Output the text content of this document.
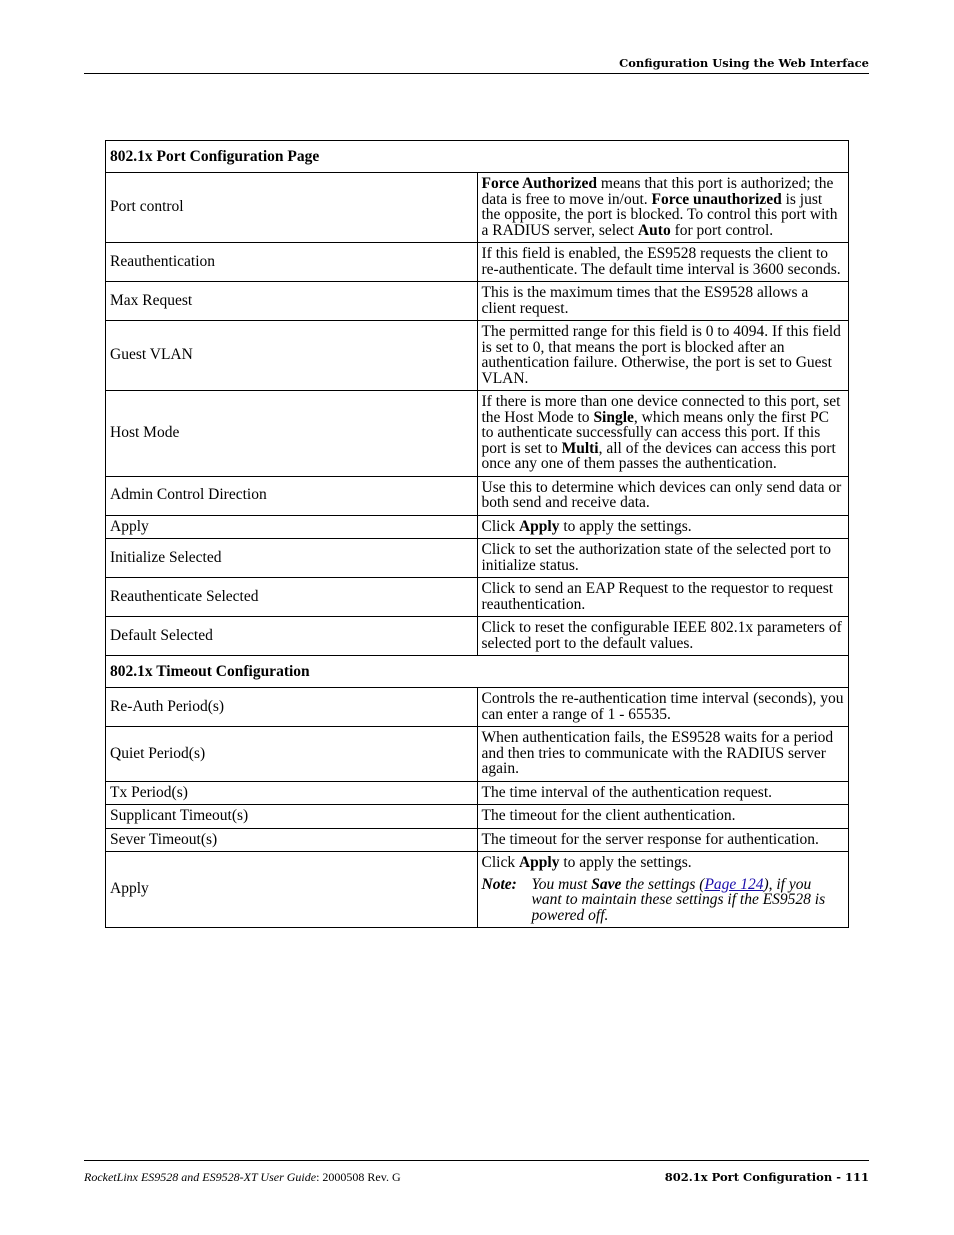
Configuration Using the Web Interface
802.1x Port Configuration Page	
Port control	Force Authorized means that this port is authorized; the data is free to move in/out. Force unauthorized is just the opposite, the port is blocked. To control this port with a RADIUS server, select Auto for port control.

Reauthentication	If this field is enabled, the ES9528 requests the client to re-authenticate. The default time interval is 3600 seconds.

Max Request	This is the maximum times that the ES9528 allows a client request.

Guest VLAN	The permitted range for this field is 0 to 4094. If this field is set to 0, that means the port is blocked after an authentication failure. Otherwise, the port is set to Guest VLAN.

Host Mode	If there is more than one device connected to this port, set the Host Mode to Single, which means only the first PC to authenticate successfully can access this port. If this port is set to Multi, all of the devices can access this port once any one of them passes the authentication.

Admin Control Direction	Use this to determine which devices can only send data or both send and receive data.

Apply	Click Apply to apply the settings.

Initialize Selected	Click to set the authorization state of the selected port to initialize status.

Reauthenticate Selected	Click to send an EAP Request to the requestor to request reauthentication.

Default Selected	Click to reset the configurable IEEE 802.1x parameters of selected port to the default values.

802.1x Timeout Configuration	
Re-Auth Period(s)	Controls the re-authentication time interval (seconds), you can enter a range of 1 - 65535.

Quiet Period(s)	When authentication fails, the ES9528 waits for a period and then tries to communicate with the RADIUS server again.

Tx Period(s)	The time interval of the authentication request.

Supplicant Timeout(s)	The timeout for the client authentication.

Sever Timeout(s)	The timeout for the server response for authentication.

Apply	Click Apply to apply the settings.
Note: You must Save the settings (Page 124), if you want to maintain these settings if the ES9528 is powered off.
RocketLinx ES9528 and ES9528-XT User Guide: 2000508 Rev. G	802.1x Port Configuration - 111
